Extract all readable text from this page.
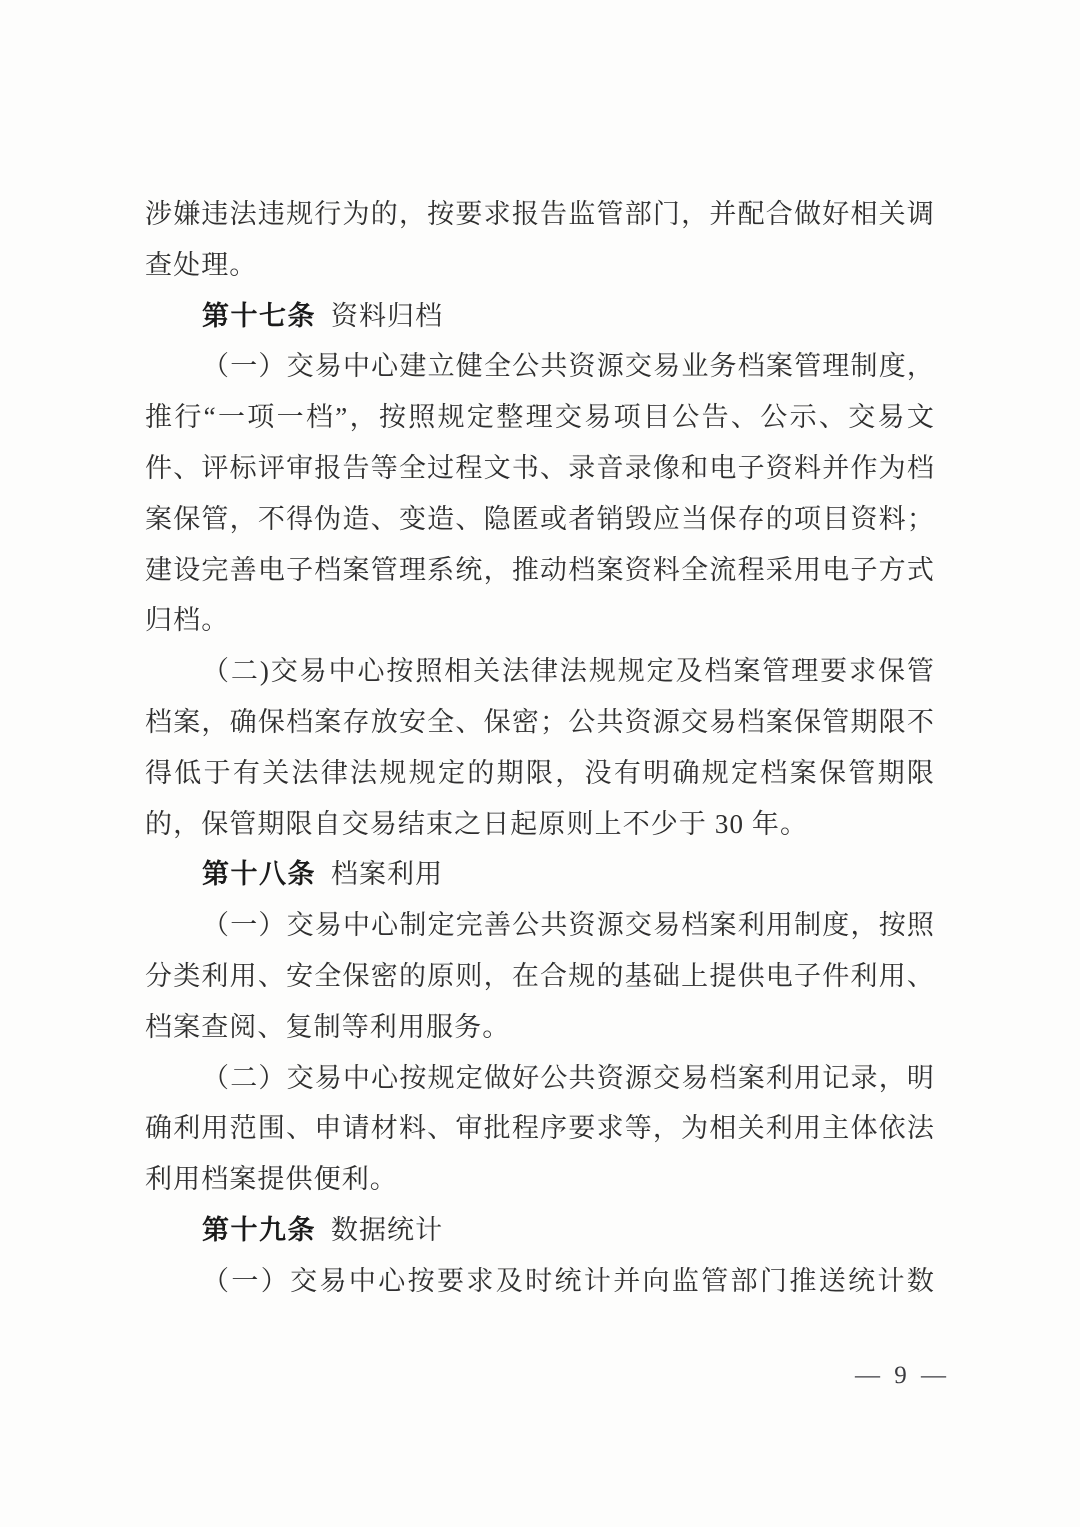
涉嫌违法违规行为的，按要求报告监管部门，并配合做好相关调
查处理。
第十七条 资料归档
（一）交易中心建立健全公共资源交易业务档案管理制度，
推行“一项一档”，按照规定整理交易项目公告、公示、交易文
件、评标评审报告等全过程文书、录音录像和电子资料并作为档
案保管，不得伪造、变造、隐匿或者销毁应当保存的项目资料；
建设完善电子档案管理系统，推动档案资料全流程采用电子方式
归档。
（二)交易中心按照相关法律法规规定及档案管理要求保管
档案，确保档案存放安全、保密；公共资源交易档案保管期限不
得低于有关法律法规规定的期限，没有明确规定档案保管期限
的，保管期限自交易结束之日起原则上不少于 30 年。
第十八条 档案利用
（一）交易中心制定完善公共资源交易档案利用制度，按照
分类利用、安全保密的原则，在合规的基础上提供电子件利用、
档案查阅、复制等利用服务。
（二）交易中心按规定做好公共资源交易档案利用记录，明
确利用范围、申请材料、审批程序要求等，为相关利用主体依法
利用档案提供便利。
第十九条 数据统计
（一）交易中心按要求及时统计并向监管部门推送统计数
— 9 —
